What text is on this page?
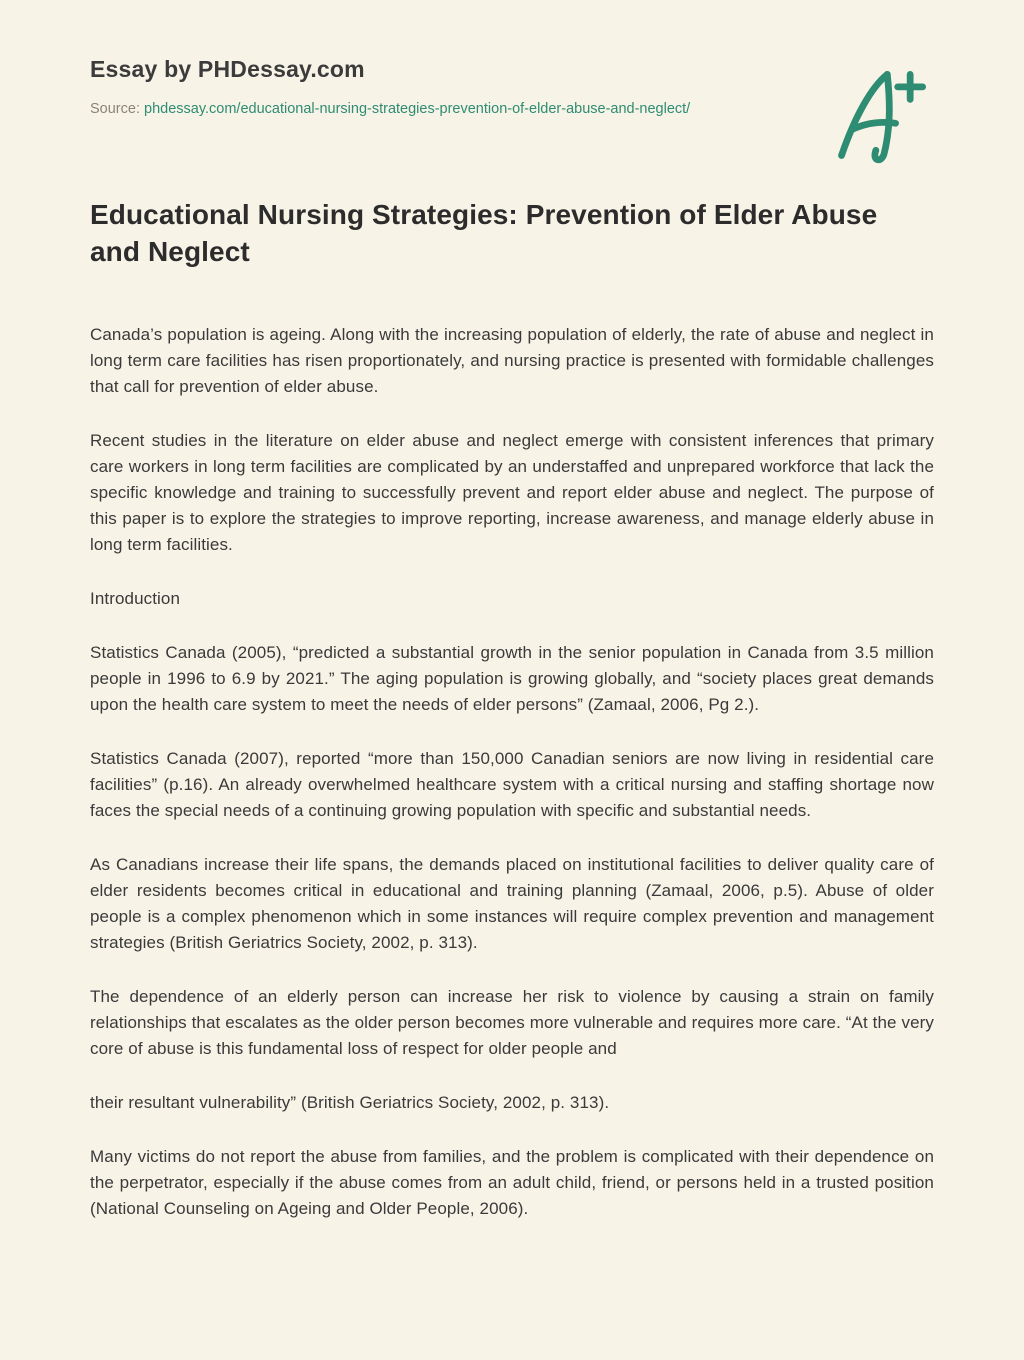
Essay by PHDessay.com

Source: phdessay.com/educational-nursing-strategies-prevention-of-elder-abuse-and-neglect/

Educational Nursing Strategies: Prevention of Elder Abuse and Neglect

Canada’s population is ageing. Along with the increasing population of elderly, the rate of abuse and neglect in long term care facilities has risen proportionately, and nursing practice is presented with formidable challenges that call for prevention of elder abuse.

Recent studies in the literature on elder abuse and neglect emerge with consistent inferences that primary care workers in long term facilities are complicated by an understaffed and unprepared workforce that lack the specific knowledge and training to successfully prevent and report elder abuse and neglect. The purpose of this paper is to explore the strategies to improve reporting, increase awareness, and manage elderly abuse in long term facilities.

Introduction

Statistics Canada (2005), “predicted a substantial growth in the senior population in Canada from 3.5 million people in 1996 to 6.9 by 2021.” The aging population is growing globally, and “society places great demands upon the health care system to meet the needs of elder persons” (Zamaal, 2006, Pg 2.).

Statistics Canada (2007), reported “more than 150,000 Canadian seniors are now living in residential care facilities” (p.16). An already overwhelmed healthcare system with a critical nursing and staffing shortage now faces the special needs of a continuing growing population with specific and substantial needs.

As Canadians increase their life spans, the demands placed on institutional facilities to deliver quality care of elder residents becomes critical in educational and training planning (Zamaal, 2006, p.5). Abuse of older people is a complex phenomenon which in some instances will require complex prevention and management strategies (British Geriatrics Society, 2002, p. 313).

The dependence of an elderly person can increase her risk to violence by causing a strain on family relationships that escalates as the older person becomes more vulnerable and requires more care. “At the very core of abuse is this fundamental loss of respect for older people and

their resultant vulnerability” (British Geriatrics Society, 2002, p. 313).

Many victims do not report the abuse from families, and the problem is complicated with their dependence on the perpetrator, especially if the abuse comes from an adult child, friend, or persons held in a trusted position (National Counseling on Ageing and Older People, 2006).
